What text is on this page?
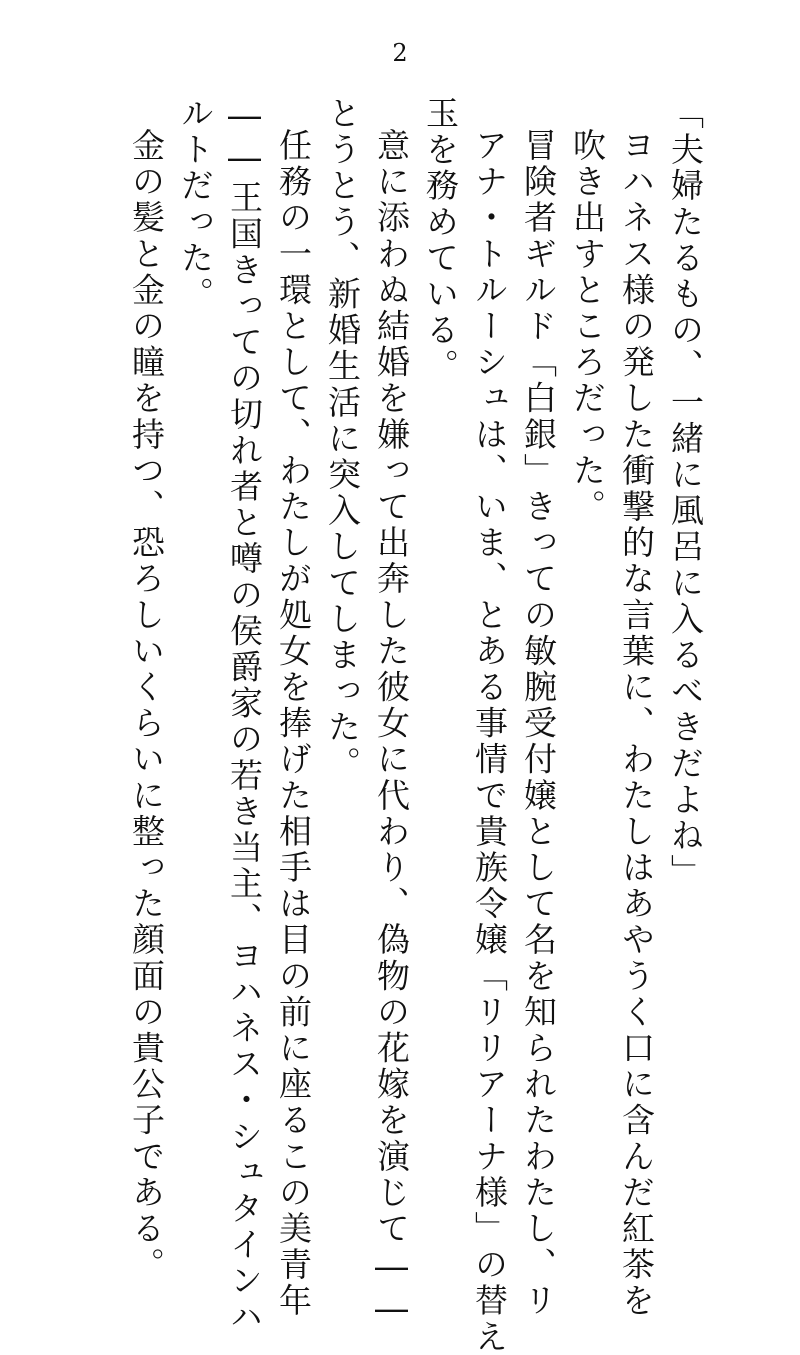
2
「夫婦たるもの、一緒に風呂に入るべきだよね」
ヨハネス様の発した衝撃的な言葉に、わたしはあやうく口に含んだ紅茶を
吹き出すところだった。
冒険者ギルド「白銀」きっての敏腕受付嬢として名を知られたわたし、リ
アナ・トルーシュは、いま、とある事情で貴族令嬢「リリアーナ様」の替え
玉を務めている。
意に添わぬ結婚を嫌って出奔した彼女に代わり、偽物の花嫁を演じて――
とうとう、新婚生活に突入してしまった。
任務の一環として、わたしが処女を捧げた相手は目の前に座るこの美青年
――王国きっての切れ者と噂の侯爵家の若き当主、ヨハネス・シュタインハ
ルトだった。
金の髪と金の瞳を持つ、恐ろしいくらいに整った顔面の貴公子である。
